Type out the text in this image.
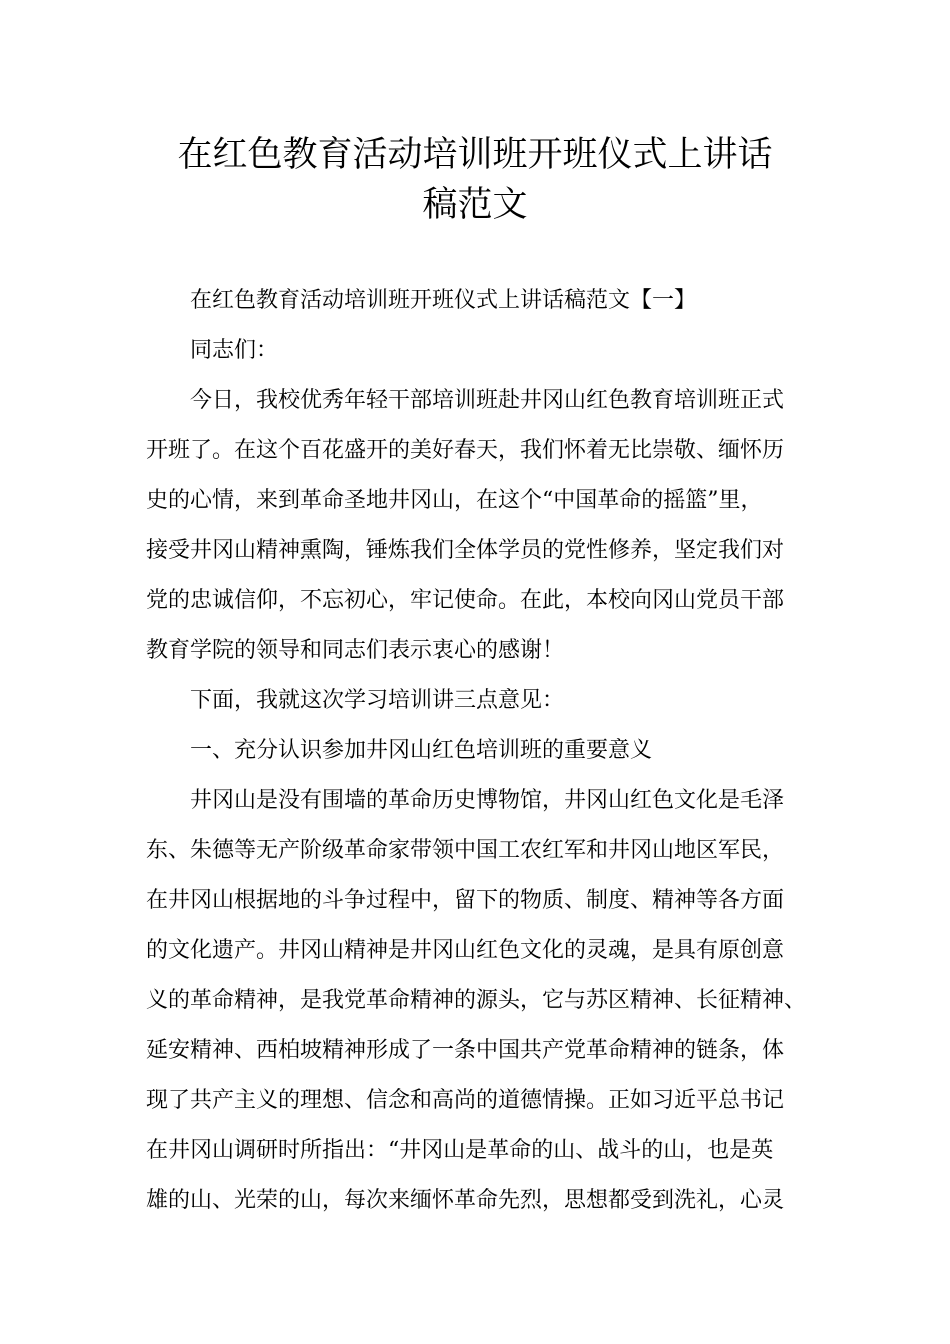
在红色教育活动培训班开班仪式上讲话
稿范文
在红色教育活动培训班开班仪式上讲话稿范文【一】
同志们：
今日，我校优秀年轻干部培训班赴井冈山红色教育培训班正式
开班了。在这个百花盛开的美好春天，我们怀着无比崇敬、缅怀历
史的心情，来到革命圣地井冈山，在这个“中国革命的摇篮”里，
接受井冈山精神熏陶，锤炼我们全体学员的党性修养，坚定我们对
党的忠诚信仰，不忘初心，牢记使命。在此，本校向冈山党员干部
教育学院的领导和同志们表示衷心的感谢！
下面，我就这次学习培训讲三点意见：
一、充分认识参加井冈山红色培训班的重要意义
井冈山是没有围墙的革命历史博物馆，井冈山红色文化是毛泽
东、朱德等无产阶级革命家带领中国工农红军和井冈山地区军民，
在井冈山根据地的斗争过程中，留下的物质、制度、精神等各方面
的文化遗产。井冈山精神是井冈山红色文化的灵魂，是具有原创意
义的革命精神，是我党革命精神的源头，它与苏区精神、长征精神、
延安精神、西柏坡精神形成了一条中国共产党革命精神的链条，体
现了共产主义的理想、信念和高尚的道德情操。正如习近平总书记
在井冈山调研时所指出：“井冈山是革命的山、战斗的山，也是英
雄的山、光荣的山，每次来缅怀革命先烈，思想都受到洗礼，心灵
